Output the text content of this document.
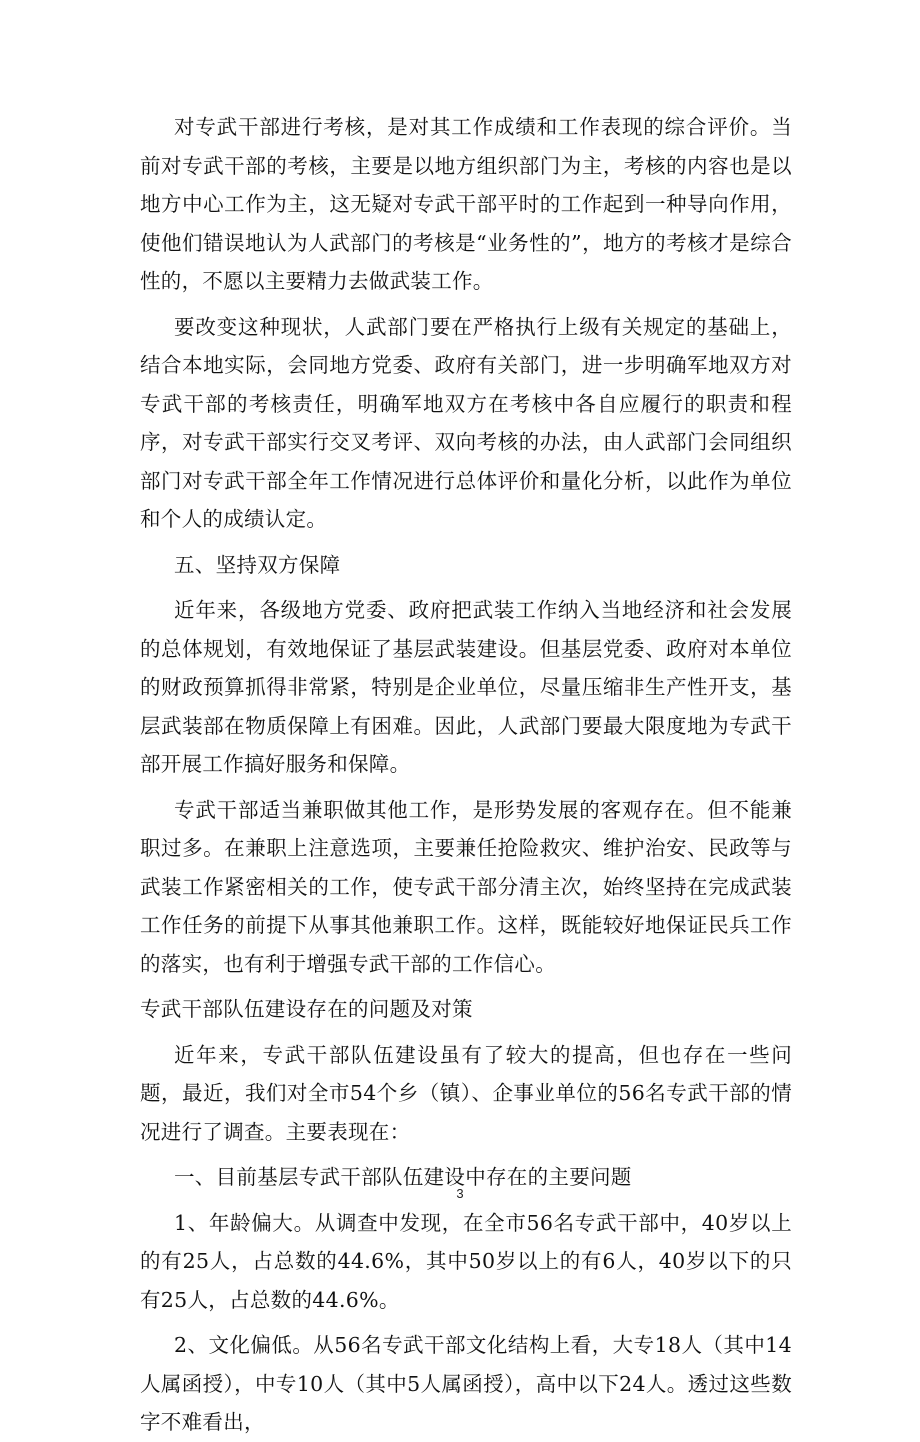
对专武干部进行考核，是对其工作成绩和工作表现的综合评价。当前对专武干部的考核，主要是以地方组织部门为主，考核的内容也是以地方中心工作为主，这无疑对专武干部平时的工作起到一种导向作用，使他们错误地认为人武部门的考核是“业务性的”，地方的考核才是综合性的，不愿以主要精力去做武装工作。

要改变这种现状，人武部门要在严格执行上级有关规定的基础上，结合本地实际，会同地方党委、政府有关部门，进一步明确军地双方对专武干部的考核责任，明确军地双方在考核中各自应履行的职责和程序，对专武干部实行交叉考评、双向考核的办法，由人武部门会同组织部门对专武干部全年工作情况进行总体评价和量化分析，以此作为单位和个人的成绩认定。

五、坚持双方保障

近年来，各级地方党委、政府把武装工作纳入当地经济和社会发展的总体规划，有效地保证了基层武装建设。但基层党委、政府对本单位的财政预算抓得非常紧，特别是企业单位，尽量压缩非生产性开支，基层武装部在物质保障上有困难。因此，人武部门要最大限度地为专武干部开展工作搞好服务和保障。

专武干部适当兼职做其他工作，是形势发展的客观存在。但不能兼职过多。在兼职上注意选项，主要兼任抢险救灾、维护治安、民政等与武装工作紧密相关的工作，使专武干部分清主次，始终坚持在完成武装工作任务的前提下从事其他兼职工作。这样，既能较好地保证民兵工作的落实，也有利于增强专武干部的工作信心。

专武干部队伍建设存在的问题及对策

近年来，专武干部队伍建设虽有了较大的提高，但也存在一些问题，最近，我们对全市54个乡（镇）、企事业单位的56名专武干部的情况进行了调查。主要表现在：

一、目前基层专武干部队伍建设中存在的主要问题

1、年龄偏大。从调查中发现，在全市56名专武干部中，40岁以上的有25人，占总数的44.6%，其中50岁以上的有6人，40岁以下的只有25人，占总数的44.6%。

2、文化偏低。从56名专武干部文化结构上看，大专18人（其中14人属函授），中专10人（其中5人属函授），高中以下24人。透过这些数字不难看出，

3
